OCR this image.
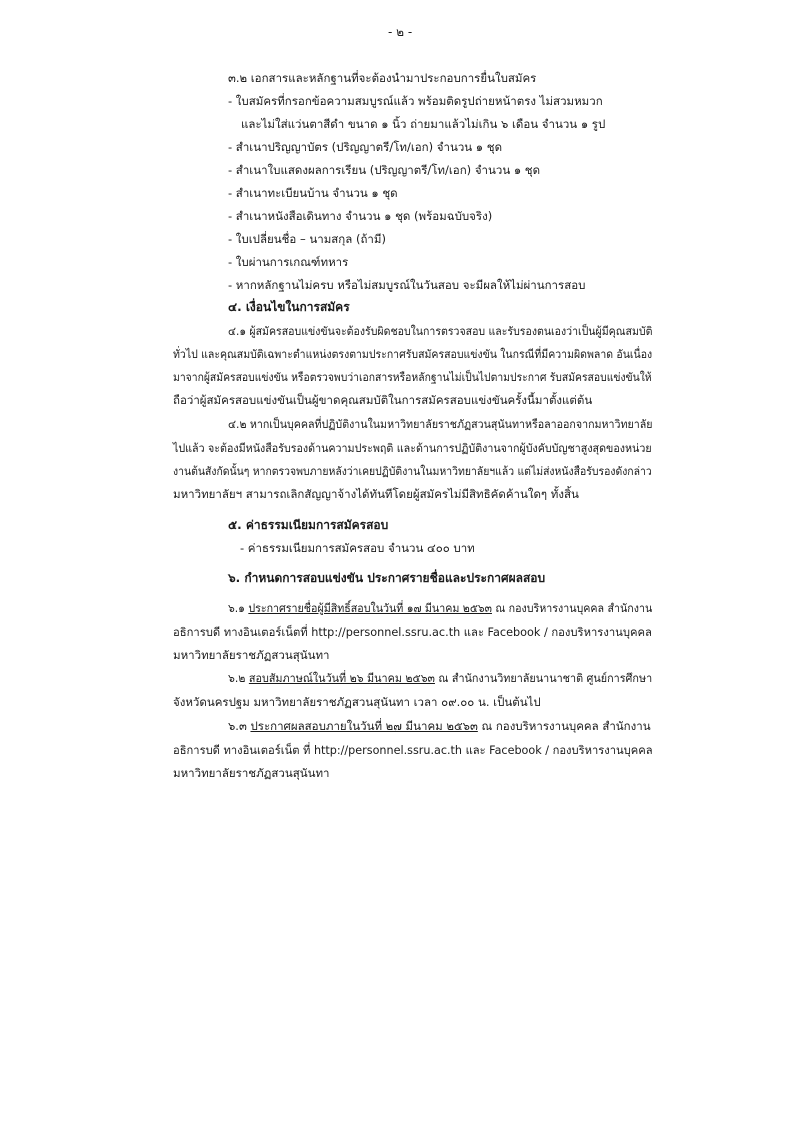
- ๒ -

๓.๒ เอกสารและหลักฐานที่จะต้องนำมาประกอบการยื่นใบสมัคร

- ใบสมัครที่กรอกข้อความสมบูรณ์แล้ว พร้อมติดรูปถ่ายหน้าตรง ไม่สวมหมวก

และไม่ใส่แว่นตาสีดำ ขนาด ๑ นิ้ว ถ่ายมาแล้วไม่เกิน ๖ เดือน จำนวน ๑ รูป

- สำเนาปริญญาบัตร (ปริญญาตรี/โท/เอก) จำนวน ๑ ชุด

- สำเนาใบแสดงผลการเรียน (ปริญญาตรี/โท/เอก) จำนวน ๑ ชุด

- สำเนาทะเบียนบ้าน จำนวน ๑ ชุด

- สำเนาหนังสือเดินทาง จำนวน ๑ ชุด (พร้อมฉบับจริง)

- ใบเปลี่ยนชื่อ – นามสกุล (ถ้ามี)

- ใบผ่านการเกณฑ์ทหาร

- หากหลักฐานไม่ครบ หรือไม่สมบูรณ์ในวันสอบ จะมีผลให้ไม่ผ่านการสอบ

๔. เงื่อนไขในการสมัคร

๔.๑ ผู้สมัครสอบแข่งขันจะต้องรับผิดชอบในการตรวจสอบ และรับรองตนเองว่าเป็นผู้มีคุณสมบัติ

ทั่วไป และคุณสมบัติเฉพาะตำแหน่งตรงตามประกาศรับสมัครสอบแข่งขัน ในกรณีที่มีความผิดพลาด อันเนื่อง

มาจากผู้สมัครสอบแข่งขัน หรือตรวจพบว่าเอกสารหรือหลักฐานไม่เป็นไปตามประกาศ รับสมัครสอบแข่งขันให้

ถือว่าผู้สมัครสอบแข่งขันเป็นผู้ขาดคุณสมบัติในการสมัครสอบแข่งขันครั้งนี้มาตั้งแต่ต้น

๔.๒ หากเป็นบุคคลที่ปฏิบัติงานในมหาวิทยาลัยราชภัฏสวนสุนันทาหรือลาออกจากมหาวิทยาลัย

ไปแล้ว จะต้องมีหนังสือรับรองด้านความประพฤติ และด้านการปฏิบัติงานจากผู้บังคับบัญชาสูงสุดของหน่วย

งานต้นสังกัดนั้นๆ หากตรวจพบภายหลังว่าเคยปฏิบัติงานในมหาวิทยาลัยฯแล้ว แต่ไม่ส่งหนังสือรับรองดังกล่าว

มหาวิทยาลัยฯ สามารถเลิกสัญญาจ้างได้ทันทีโดยผู้สมัครไม่มีสิทธิคัดค้านใดๆ ทั้งสิ้น

๕. ค่าธรรมเนียมการสมัครสอบ

- ค่าธรรมเนียมการสมัครสอบ จำนวน ๔๐๐ บาท

๖. กำหนดการสอบแข่งขัน ประกาศรายชื่อและประกาศผลสอบ

๖.๑ ประกาศรายชื่อผู้มีสิทธิ์สอบในวันที่ ๑๗ มีนาคม ๒๕๖๓ ณ กองบริหารงานบุคคล สำนักงาน

อธิการบดี ทางอินเตอร์เน็ตที่ http://personnel.ssru.ac.th และ Facebook / กองบริหารงานบุคคล

มหาวิทยาลัยราชภัฏสวนสุนันทา

๖.๒ สอบสัมภาษณ์ในวันที่ ๒๖ มีนาคม ๒๕๖๓ ณ สำนักงานวิทยาลัยนานาชาติ ศูนย์การศึกษา

จังหวัดนครปฐม มหาวิทยาลัยราชภัฏสวนสุนันทา เวลา ๐๙.๐๐ น. เป็นต้นไป

๖.๓ ประกาศผลสอบภายในวันที่ ๒๗ มีนาคม ๒๕๖๓ ณ กองบริหารงานบุคคล สำนักงาน

อธิการบดี ทางอินเตอร์เน็ต ที่ http://personnel.ssru.ac.th และ Facebook / กองบริหารงานบุคคล

มหาวิทยาลัยราชภัฏสวนสุนันทา
